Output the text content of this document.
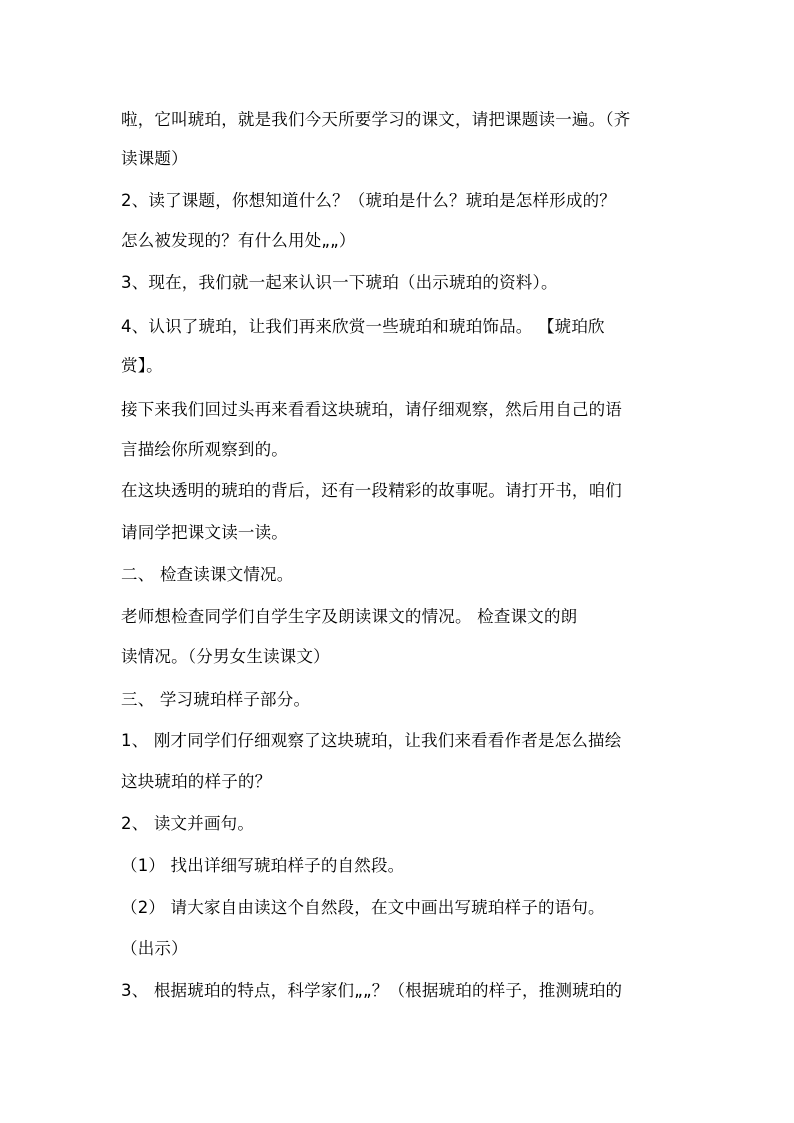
啦，它叫琥珀，就是我们今天所要学习的课文，请把课题读一遍。（齐
读课题）
2、读了课题，你想知道什么？（琥珀是什么？琥珀是怎样形成的？
怎么被发现的？有什么用处„„）
3、现在，我们就一起来认识一下琥珀（出示琥珀的资料）。
4、认识了琥珀，让我们再来欣赏一些琥珀和琥珀饰品。 【琥珀欣
赏】。
接下来我们回过头再来看看这块琥珀，请仔细观察，然后用自己的语
言描绘你所观察到的。
在这块透明的琥珀的背后，还有一段精彩的故事呢。请打开书，咱们
请同学把课文读一读。
二、 检查读课文情况。
老师想检查同学们自学生字及朗读课文的情况。 检查课文的朗
读情况。（分男女生读课文）
三、 学习琥珀样子部分。
1、 刚才同学们仔细观察了这块琥珀，让我们来看看作者是怎么描绘
这块琥珀的样子的？
2、 读文并画句。
（1） 找出详细写琥珀样子的自然段。
（2） 请大家自由读这个自然段，在文中画出写琥珀样子的语句。
（出示）
3、 根据琥珀的特点，科学家们„„？（根据琥珀的样子，推测琥珀的
